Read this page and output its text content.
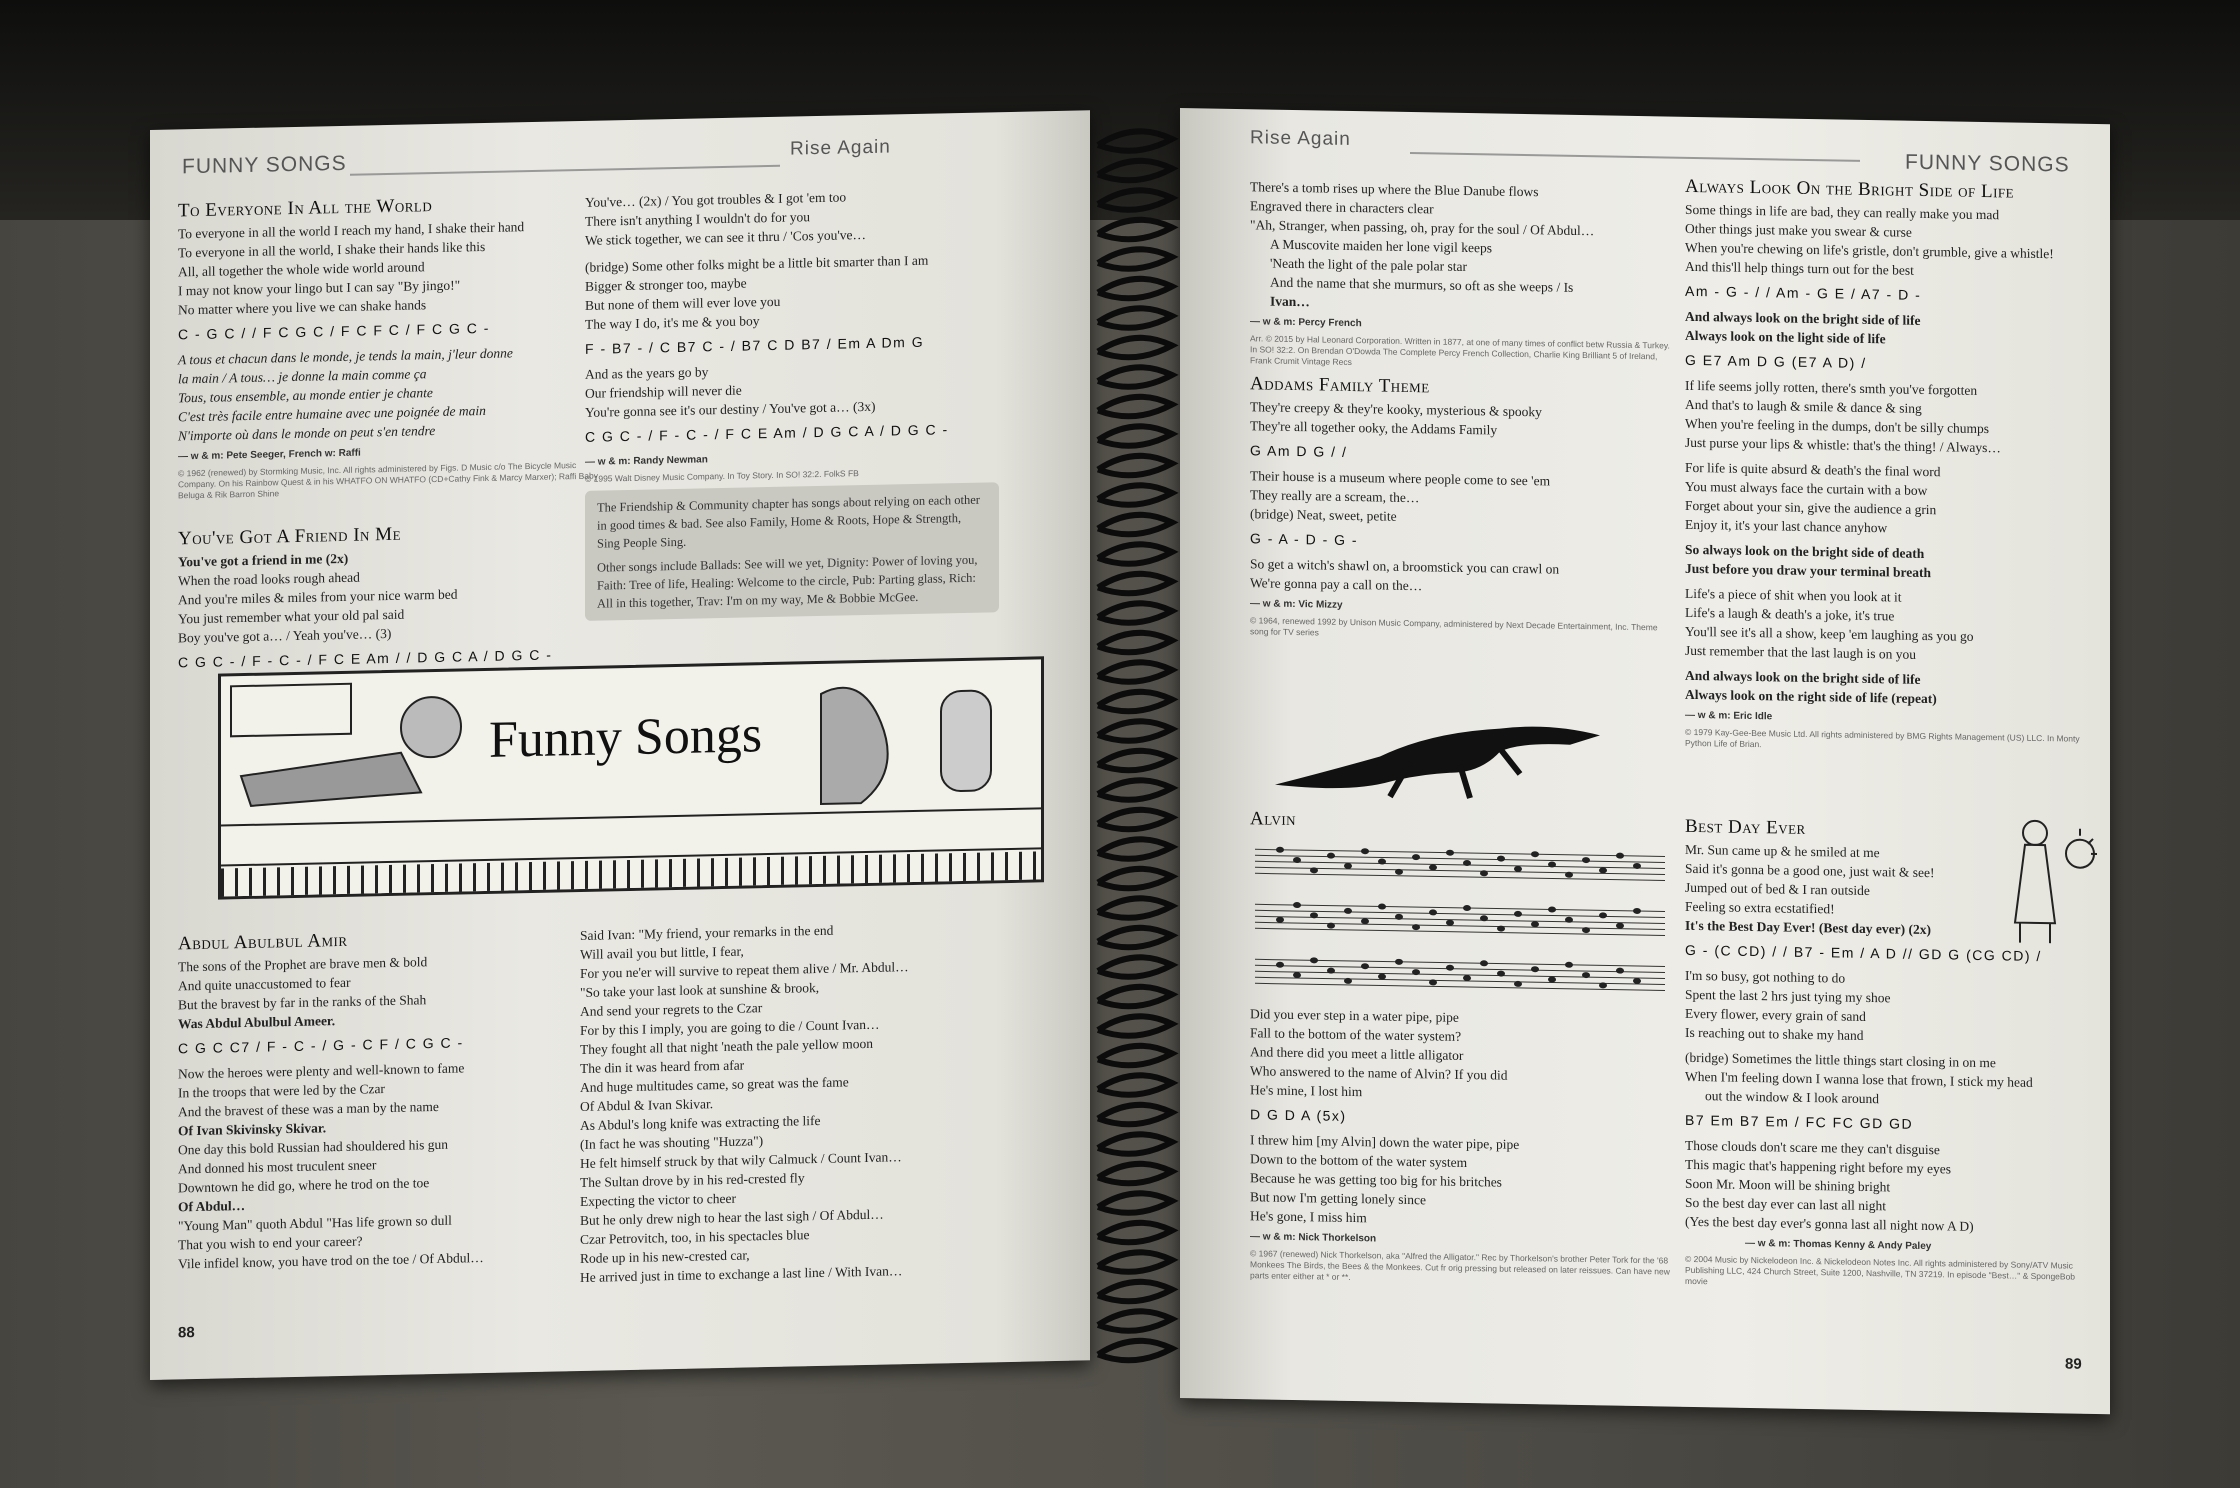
FUNNY SONGS
Rise Again
To Everyone In All the World
To everyone in all the world I reach my hand, I shake their hand
To everyone in all the world, I shake their hands like this
All, all together the whole wide world around
I may not know your lingo but I can say "By jingo!"
No matter where you live we can shake hands
C - G C / / F C G C / F C F C / F C G C -
A tous et chacun dans le monde, je tends la main, j'leur donne
la main / A tous… je donne la main comme ça
Tous, tous ensemble, au monde entier je chante
C'est très facile entre humaine avec une poignée de main
N'importe où dans le monde on peut s'en tendre
— w & m: Pete Seeger, French w: Raffi
© 1962 (renewed) by Stormking Music, Inc. All rights administered by Figs. D Music c/o The Bicycle Music Company. On his Rainbow Quest & in his WHATFO ON WHATFO (CD+Cathy Fink & Marcy Marxer); Raffi Baby Beluga & Rik Barron Shine
You've Got A Friend In Me
You've got a friend in me (2x)
When the road looks rough ahead
And you're miles & miles from your nice warm bed
You just remember what your old pal said
Boy you've got a… / Yeah you've… (3)
C G C - / F - C - / F C E Am / / D G C A / D G C -
You've… (2x) / You got troubles & I got 'em too
There isn't anything I wouldn't do for you
We stick together, we can see it thru / 'Cos you've…
(bridge) Some other folks might be a little bit smarter than I am
Bigger & stronger too, maybe
But none of them will ever love you
The way I do, it's me & you boy
F - B7 - / C B7 C - / B7 C D B7 / Em A Dm G
And as the years go by
Our friendship will never die
You're gonna see it's our destiny / You've got a… (3x)
C G C - / F - C - / F C E Am / D G C A / D G C -
— w & m: Randy Newman
© 1995 Walt Disney Music Company. In Toy Story. In SO! 32:2. FolkS FB
The Friendship & Community chapter has songs about relying on each other in good times & bad. See also Family, Home & Roots, Hope & Strength, Sing People Sing.
Other songs include Ballads: See will we yet, Dignity: Power of loving you, Faith: Tree of life, Healing: Welcome to the circle, Pub: Parting glass, Rich: All in this together, Trav: I'm on my way, Me & Bobbie McGee.
Funny Songs
Abdul Abulbul Amir
The sons of the Prophet are brave men & bold
And quite unaccustomed to fear
But the bravest by far in the ranks of the Shah
Was Abdul Abulbul Ameer.
C G C C7 / F - C - / G - C F / C G C -
Now the heroes were plenty and well-known to fame
In the troops that were led by the Czar
And the bravest of these was a man by the name
Of Ivan Skivinsky Skivar.
One day this bold Russian had shouldered his gun
And donned his most truculent sneer
Downtown he did go, where he trod on the toe
Of Abdul…
"Young Man" quoth Abdul "Has life grown so dull
That you wish to end your career?
Vile infidel know, you have trod on the toe / Of Abdul…
Said Ivan: "My friend, your remarks in the end
Will avail you but little, I fear,
For you ne'er will survive to repeat them alive / Mr. Abdul…
"So take your last look at sunshine & brook,
And send your regrets to the Czar
For by this I imply, you are going to die / Count Ivan…
They fought all that night 'neath the pale yellow moon
The din it was heard from afar
And huge multitudes came, so great was the fame
Of Abdul & Ivan Skivar.
As Abdul's long knife was extracting the life
(In fact he was shouting "Huzza")
He felt himself struck by that wily Calmuck / Count Ivan…
The Sultan drove by in his red-crested fly
Expecting the victor to cheer
But he only drew nigh to hear the last sigh / Of Abdul…
Czar Petrovitch, too, in his spectacles blue
Rode up in his new-crested car,
He arrived just in time to exchange a last line / With Ivan…
88
Rise Again
FUNNY SONGS
There's a tomb rises up where the Blue Danube flows
Engraved there in characters clear
"Ah, Stranger, when passing, oh, pray for the soul / Of Abdul…
A Muscovite maiden her lone vigil keeps
'Neath the light of the pale polar star
And the name that she murmurs, so oft as she weeps / Is
Ivan…
— w & m: Percy French
Arr. © 2015 by Hal Leonard Corporation. Written in 1877, at one of many times of conflict betw Russia & Turkey. In SO! 32:2. On Brendan O'Dowda The Complete Percy French Collection, Charlie King Brilliant 5 of Ireland, Frank Crumit Vintage Recs
Addams Family Theme
They're creepy & they're kooky, mysterious & spooky
They're all together ooky, the Addams Family
G Am D G / /
Their house is a museum where people come to see 'em
They really are a scream, the…
(bridge) Neat, sweet, petite
G - A - D - G -
So get a witch's shawl on, a broomstick you can crawl on
We're gonna pay a call on the…
— w & m: Vic Mizzy
© 1964, renewed 1992 by Unison Music Company, administered by Next Decade Entertainment, Inc. Theme song for TV series
Alvin
Did you ever step in a water pipe, pipe
Fall to the bottom of the water system?
And there did you meet a little alligator
Who answered to the name of Alvin? If you did
He's mine, I lost him
D G D A (5x)
I threw him [my Alvin] down the water pipe, pipe
Down to the bottom of the water system
Because he was getting too big for his britches
But now I'm getting lonely since
He's gone, I miss him
— w & m: Nick Thorkelson
© 1967 (renewed) Nick Thorkelson, aka "Alfred the Alligator." Rec by Thorkelson's brother Peter Tork for the '68 Monkees The Birds, the Bees & the Monkees. Cut fr orig pressing but released on later reissues. Can have new parts enter either at * or **.
Always Look On the Bright Side of Life
Some things in life are bad, they can really make you mad
Other things just make you swear & curse
When you're chewing on life's gristle, don't grumble, give a whistle!
And this'll help things turn out for the best
Am - G - / / Am - G E / A7 - D -
And always look on the bright side of life
Always look on the light side of life
G E7 Am D G (E7 A D) /
If life seems jolly rotten, there's smth you've forgotten
And that's to laugh & smile & dance & sing
When you're feeling in the dumps, don't be silly chumps
Just purse your lips & whistle: that's the thing! / Always…
For life is quite absurd & death's the final word
You must always face the curtain with a bow
Forget about your sin, give the audience a grin
Enjoy it, it's your last chance anyhow
So always look on the bright side of death
Just before you draw your terminal breath
Life's a piece of shit when you look at it
Life's a laugh & death's a joke, it's true
You'll see it's all a show, keep 'em laughing as you go
Just remember that the last laugh is on you
And always look on the bright side of life
Always look on the right side of life (repeat)
— w & m: Eric Idle
© 1979 Kay-Gee-Bee Music Ltd. All rights administered by BMG Rights Management (US) LLC. In Monty Python Life of Brian.
Best Day Ever
Mr. Sun came up & he smiled at me
Said it's gonna be a good one, just wait & see!
Jumped out of bed & I ran outside
Feeling so extra ecstatified!
It's the Best Day Ever! (Best day ever) (2x)
G - (C CD) / / B7 - Em / A D // GD G (CG CD) /
I'm so busy, got nothing to do
Spent the last 2 hrs just tying my shoe
Every flower, every grain of sand
Is reaching out to shake my hand
(bridge) Sometimes the little things start closing in on me
When I'm feeling down I wanna lose that frown, I stick my head
out the window & I look around
B7 Em B7 Em / FC FC GD GD
Those clouds don't scare me they can't disguise
This magic that's happening right before my eyes
Soon Mr. Moon will be shining bright
So the best day ever can last all night
(Yes the best day ever's gonna last all night now A D)
— w & m: Thomas Kenny & Andy Paley
© 2004 Music by Nickelodeon Inc. & Nickelodeon Notes Inc. All rights administered by Sony/ATV Music Publishing LLC, 424 Church Street, Suite 1200, Nashville, TN 37219. In episode "Best…" & SpongeBob movie
89
